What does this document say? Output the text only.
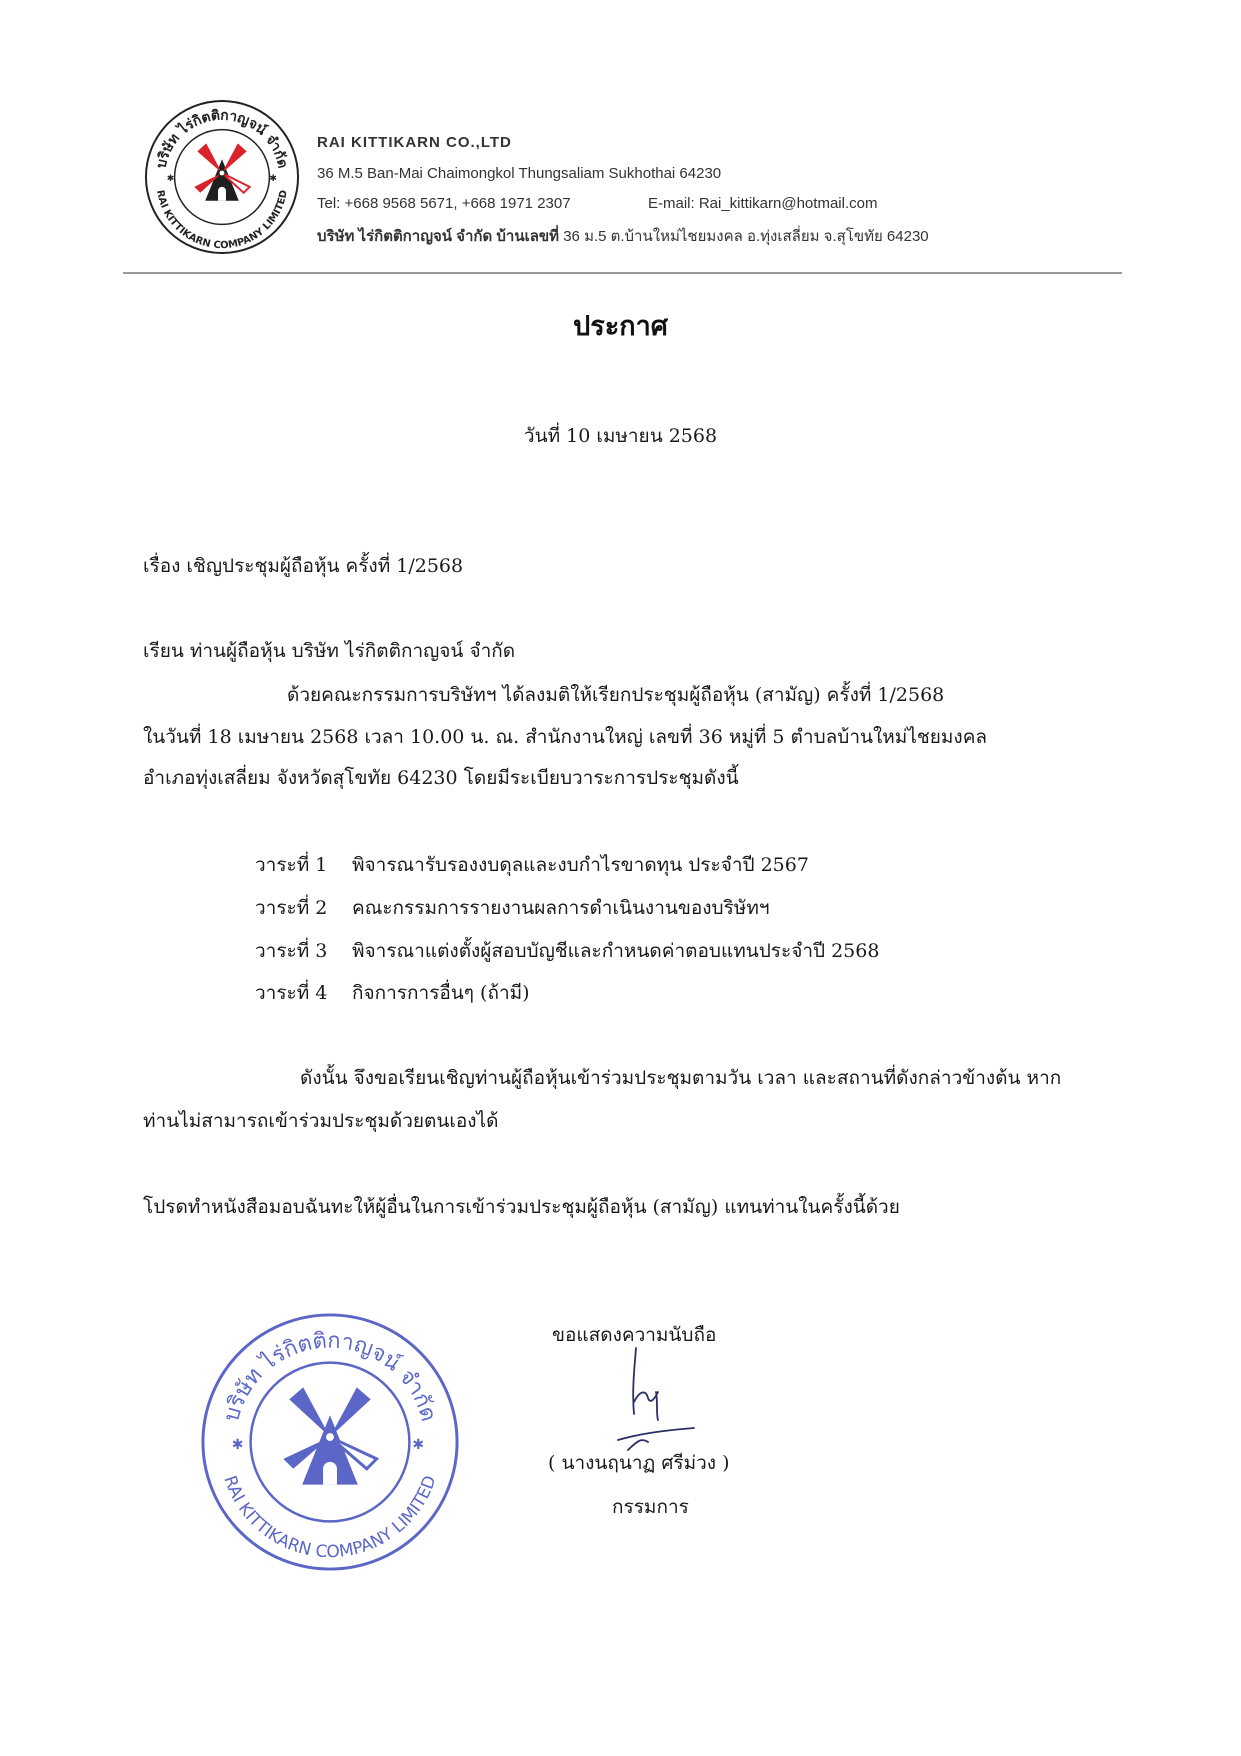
บริษัท ไร่กิตติกาญจน์ จำกัด
RAI KITTIKARN COMPANY LIMITED
✱	✱
RAI KITTIKARN CO.,LTD
36 M.5 Ban-Mai Chaimongkol Thungsaliam Sukhothai 64230
Tel: +668 9568 5671, +668 1971 2307	E-mail: Rai_kittikarn@hotmail.com
บริษัท ไร่กิตติกาญจน์ จำกัด บ้านเลขที่ 36 ม.5 ต.บ้านใหม่ไชยมงคล อ.ทุ่งเสลี่ยม จ.สุโขทัย 64230
ประกาศ
วันที่ 10 เมษายน 2568
เรื่อง เชิญประชุมผู้ถือหุ้น ครั้งที่ 1/2568
เรียน ท่านผู้ถือหุ้น บริษัท ไร่กิตติกาญจน์ จำกัด
ด้วยคณะกรรมการบริษัทฯ ได้ลงมติให้เรียกประชุมผู้ถือหุ้น (สามัญ) ครั้งที่ 1/2568
ในวันที่ 18 เมษายน 2568 เวลา 10.00 น. ณ. สำนักงานใหญ่ เลขที่ 36 หมู่ที่ 5 ตำบลบ้านใหม่ไชยมงคล
อำเภอทุ่งเสลี่ยม จังหวัดสุโขทัย 64230 โดยมีระเบียบวาระการประชุมดังนี้
วาระที่ 1 พิจารณารับรองงบดุลและงบกำไรขาดทุน ประจำปี 2567
วาระที่ 2 คณะกรรมการรายงานผลการดำเนินงานของบริษัทฯ
วาระที่ 3 พิจารณาแต่งตั้งผู้สอบบัญชีและกำหนดค่าตอบแทนประจำปี 2568
วาระที่ 4 กิจการการอื่นๆ (ถ้ามี)
ดังนั้น จึงขอเรียนเชิญท่านผู้ถือหุ้นเข้าร่วมประชุมตามวัน เวลา และสถานที่ดังกล่าวข้างต้น หาก
ท่านไม่สามารถเข้าร่วมประชุมด้วยตนเองได้
โปรดทำหนังสือมอบฉันทะให้ผู้อื่นในการเข้าร่วมประชุมผู้ถือหุ้น (สามัญ) แทนท่านในครั้งนี้ด้วย
ขอแสดงความนับถือ
( นางนฤนาฏ ศรีม่วง )
กรรมการ
บริษัท ไร่กิตติกาญจน์ จำกัด
RAI KITTIKARN COMPANY LIMITED
✱	✱
